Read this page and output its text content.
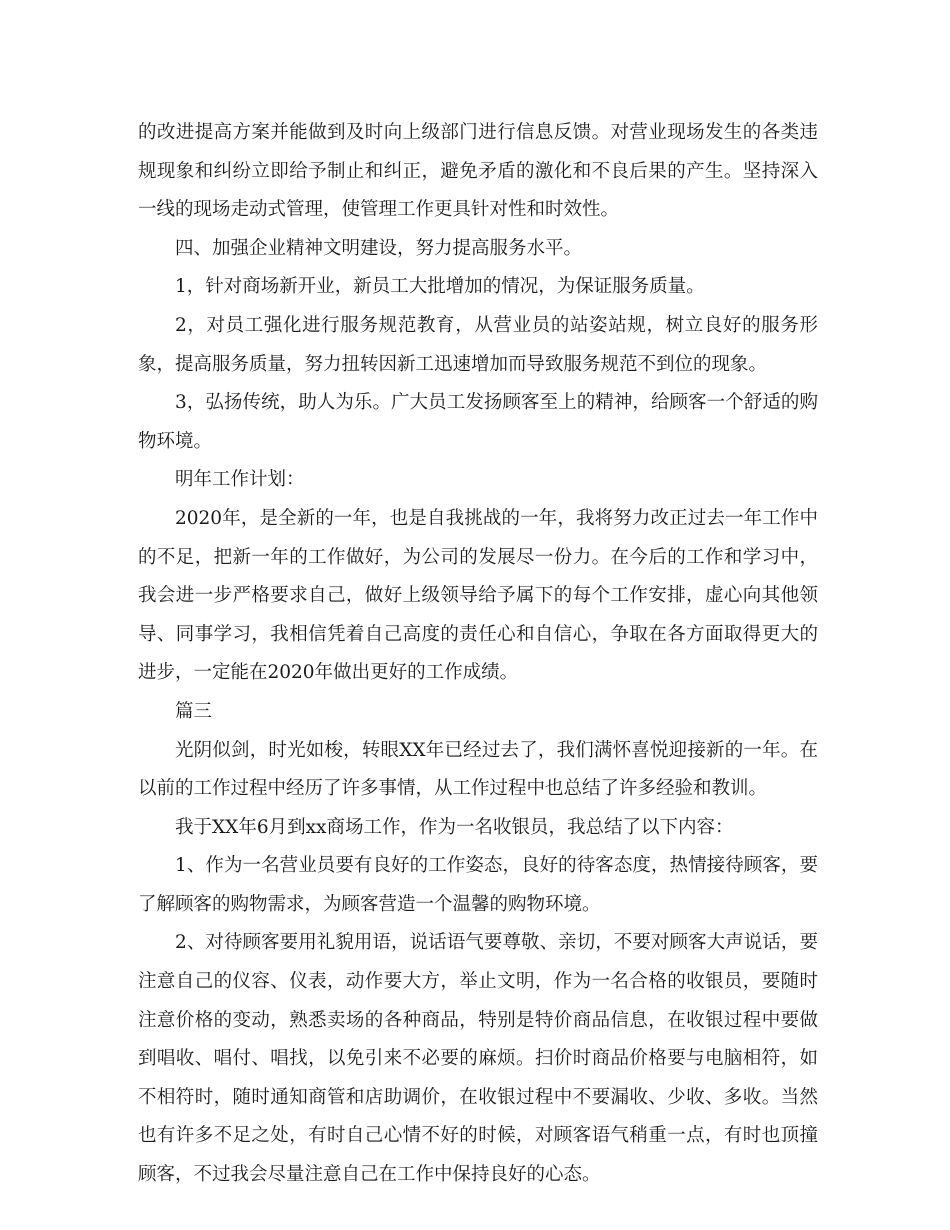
的改进提高方案并能做到及时向上级部门进行信息反馈。对营业现场发生的各类违规现象和纠纷立即给予制止和纠正，避免矛盾的激化和不良后果的产生。坚持深入一线的现场走动式管理，使管理工作更具针对性和时效性。

四、加强企业精神文明建设，努力提高服务水平。

1，针对商场新开业，新员工大批增加的情况，为保证服务质量。

2，对员工强化进行服务规范教育，从营业员的站姿站规，树立良好的服务形象，提高服务质量，努力扭转因新工迅速增加而导致服务规范不到位的现象。

3，弘扬传统，助人为乐。广大员工发扬顾客至上的精神，给顾客一个舒适的购物环境。

明年工作计划：

2020年，是全新的一年，也是自我挑战的一年，我将努力改正过去一年工作中的不足，把新一年的工作做好，为公司的发展尽一份力。在今后的工作和学习中，我会进一步严格要求自己，做好上级领导给予属下的每个工作安排，虚心向其他领导、同事学习，我相信凭着自己高度的责任心和自信心，争取在各方面取得更大的进步，一定能在2020年做出更好的工作成绩。

篇三

光阴似剑，时光如梭，转眼XX年已经过去了，我们满怀喜悦迎接新的一年。在以前的工作过程中经历了许多事情，从工作过程中也总结了许多经验和教训。

我于XX年6月到xx商场工作，作为一名收银员，我总结了以下内容：

1、作为一名营业员要有良好的工作姿态，良好的待客态度，热情接待顾客，要了解顾客的购物需求，为顾客营造一个温馨的购物环境。

2、对待顾客要用礼貌用语，说话语气要尊敬、亲切，不要对顾客大声说话，要注意自己的仪容、仪表，动作要大方，举止文明，作为一名合格的收银员，要随时注意价格的变动，熟悉卖场的各种商品，特别是特价商品信息，在收银过程中要做到唱收、唱付、唱找，以免引来不必要的麻烦。扫价时商品价格要与电脑相符，如不相符时，随时通知商管和店助调价，在收银过程中不要漏收、少收、多收。当然也有许多不足之处，有时自己心情不好的时候，对顾客语气稍重一点，有时也顶撞顾客，不过我会尽量注意自己在工作中保持良好的心态。
